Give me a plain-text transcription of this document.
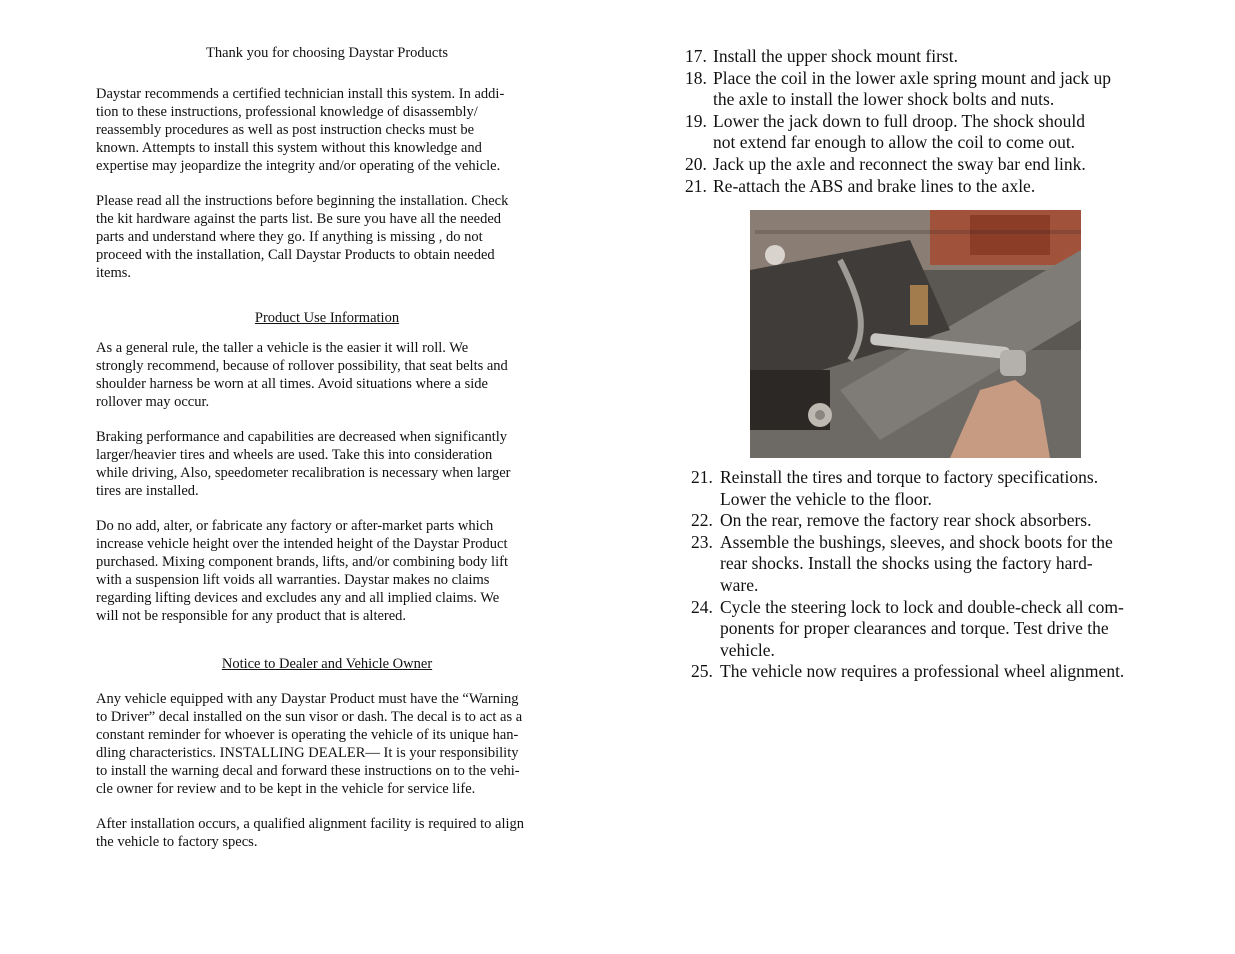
Thank you for choosing Daystar Products

Daystar recommends a certified technician install this system. In addi-
tion to these instructions, professional knowledge of disassembly/
reassembly procedures as well as post instruction checks must be
known. Attempts to install this system without this knowledge and
expertise may jeopardize the integrity and/or operating of the vehicle.

Please read all the instructions before beginning the installation. Check
the kit hardware against the parts list. Be sure you have all the needed
parts and understand where they go. If anything is missing , do not
proceed with the installation, Call Daystar Products to obtain needed
items.

Product Use Information

As a general rule, the taller a vehicle is the easier it will roll. We
strongly recommend, because of rollover possibility, that seat belts and
shoulder harness be worn at all times. Avoid situations where a side
rollover may occur.

Braking performance and capabilities are decreased when significantly
larger/heavier tires and wheels are used. Take this into consideration
while driving, Also, speedometer recalibration is necessary when larger
tires are installed.

Do no add, alter, or fabricate any factory or after-market parts which
increase vehicle height over the intended height of the Daystar Product
purchased. Mixing component brands, lifts, and/or combining body lift
with a suspension lift voids all warranties. Daystar makes no claims
regarding lifting devices and excludes any and all implied claims. We
will not be responsible for any product that is altered.

Notice to Dealer and Vehicle Owner

Any vehicle equipped with any Daystar Product must have the “Warning
to Driver” decal installed on the sun visor or dash. The decal is to act as a
constant reminder for whoever is operating the vehicle of its unique han-
dling characteristics. INSTALLING DEALER— It is your responsibility
to install the warning decal and forward these instructions on to the vehi-
cle owner for review and to be kept in the vehicle for service life.

After installation occurs, a qualified alignment facility is required to align
the vehicle to factory specs.

17. Install the upper shock mount first.
18. Place the coil in the lower axle spring mount and jack up
the axle to install the lower shock bolts and nuts.
19. Lower the jack down to full droop. The shock should
not extend far enough to allow the coil to come out.
20. Jack up the axle and reconnect the sway bar end link.
21. Re-attach the ABS and brake lines to the axle.
21. Reinstall the tires and torque to factory specifications.
Lower the vehicle to the floor.
22. On the rear, remove the factory rear shock absorbers.
23. Assemble the bushings, sleeves, and shock boots for the
rear shocks. Install the shocks using the factory hard-
ware.
24. Cycle the steering lock to lock and double-check all com-
ponents for proper clearances and torque. Test drive the
vehicle.
25. The vehicle now requires a professional wheel alignment.
